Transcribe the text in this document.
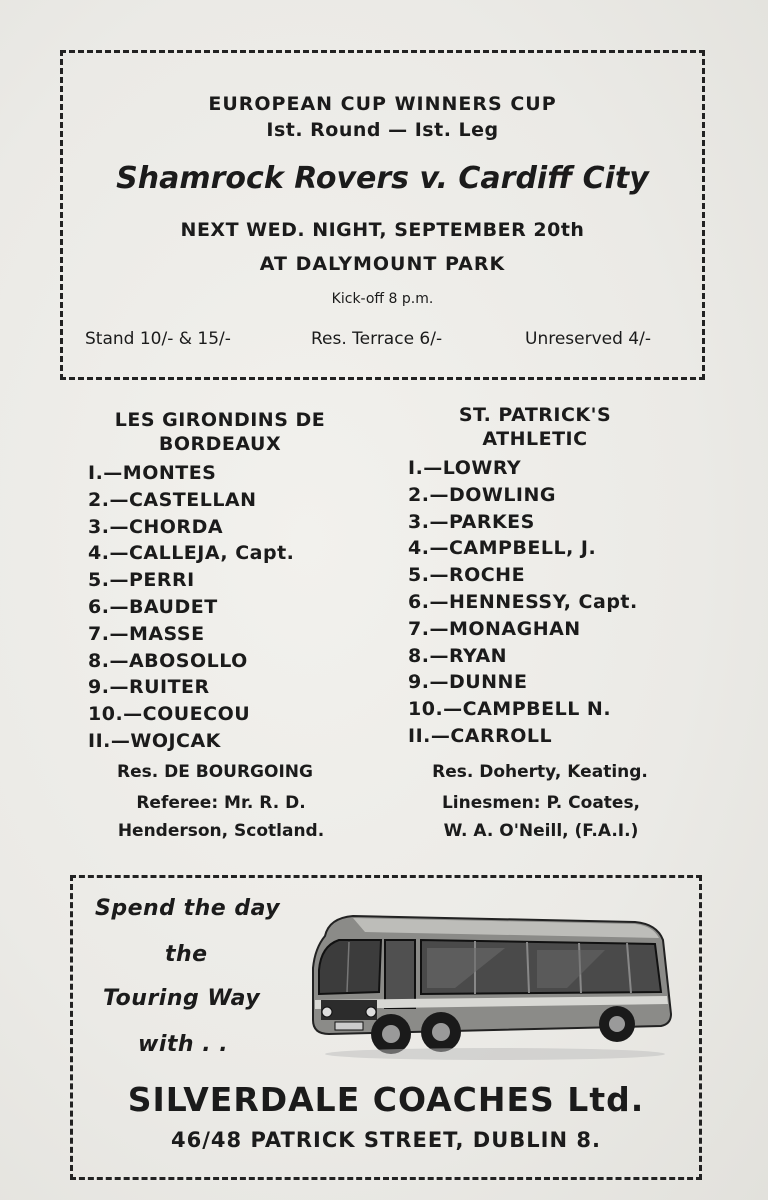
EUROPEAN CUP WINNERS CUP
Ist. Round — Ist. Leg
Shamrock Rovers v. Cardiff City
NEXT WED. NIGHT, SEPTEMBER 20th
AT DALYMOUNT PARK
Kick-off 8 p.m.
Stand 10/- & 15/-	Res. Terrace 6/-	Unreserved 4/-
LES GIRONDINS DE
BORDEAUX
ST. PATRICK'S
ATHLETIC
I.—MONTES
2.—CASTELLAN
3.—CHORDA
4.—CALLEJA, Capt.
5.—PERRI
6.—BAUDET
7.—MASSE
8.—ABOSOLLO
9.—RUITER
10.—COUECOU
II.—WOJCAK
I.—LOWRY
2.—DOWLING
3.—PARKES
4.—CAMPBELL, J.
5.—ROCHE
6.—HENNESSY, Capt.
7.—MONAGHAN
8.—RYAN
9.—DUNNE
10.—CAMPBELL N.
II.—CARROLL
Res. DE BOURGOING	Res. Doherty, Keating.
Referee: Mr. R. D.
Henderson, Scotland.
Linesmen: P. Coates,
W. A. O'Neill, (F.A.I.)
Spend the day
the
Touring Way
with . .
SILVERDALE COACHES Ltd.
46/48 PATRICK STREET, DUBLIN 8.
